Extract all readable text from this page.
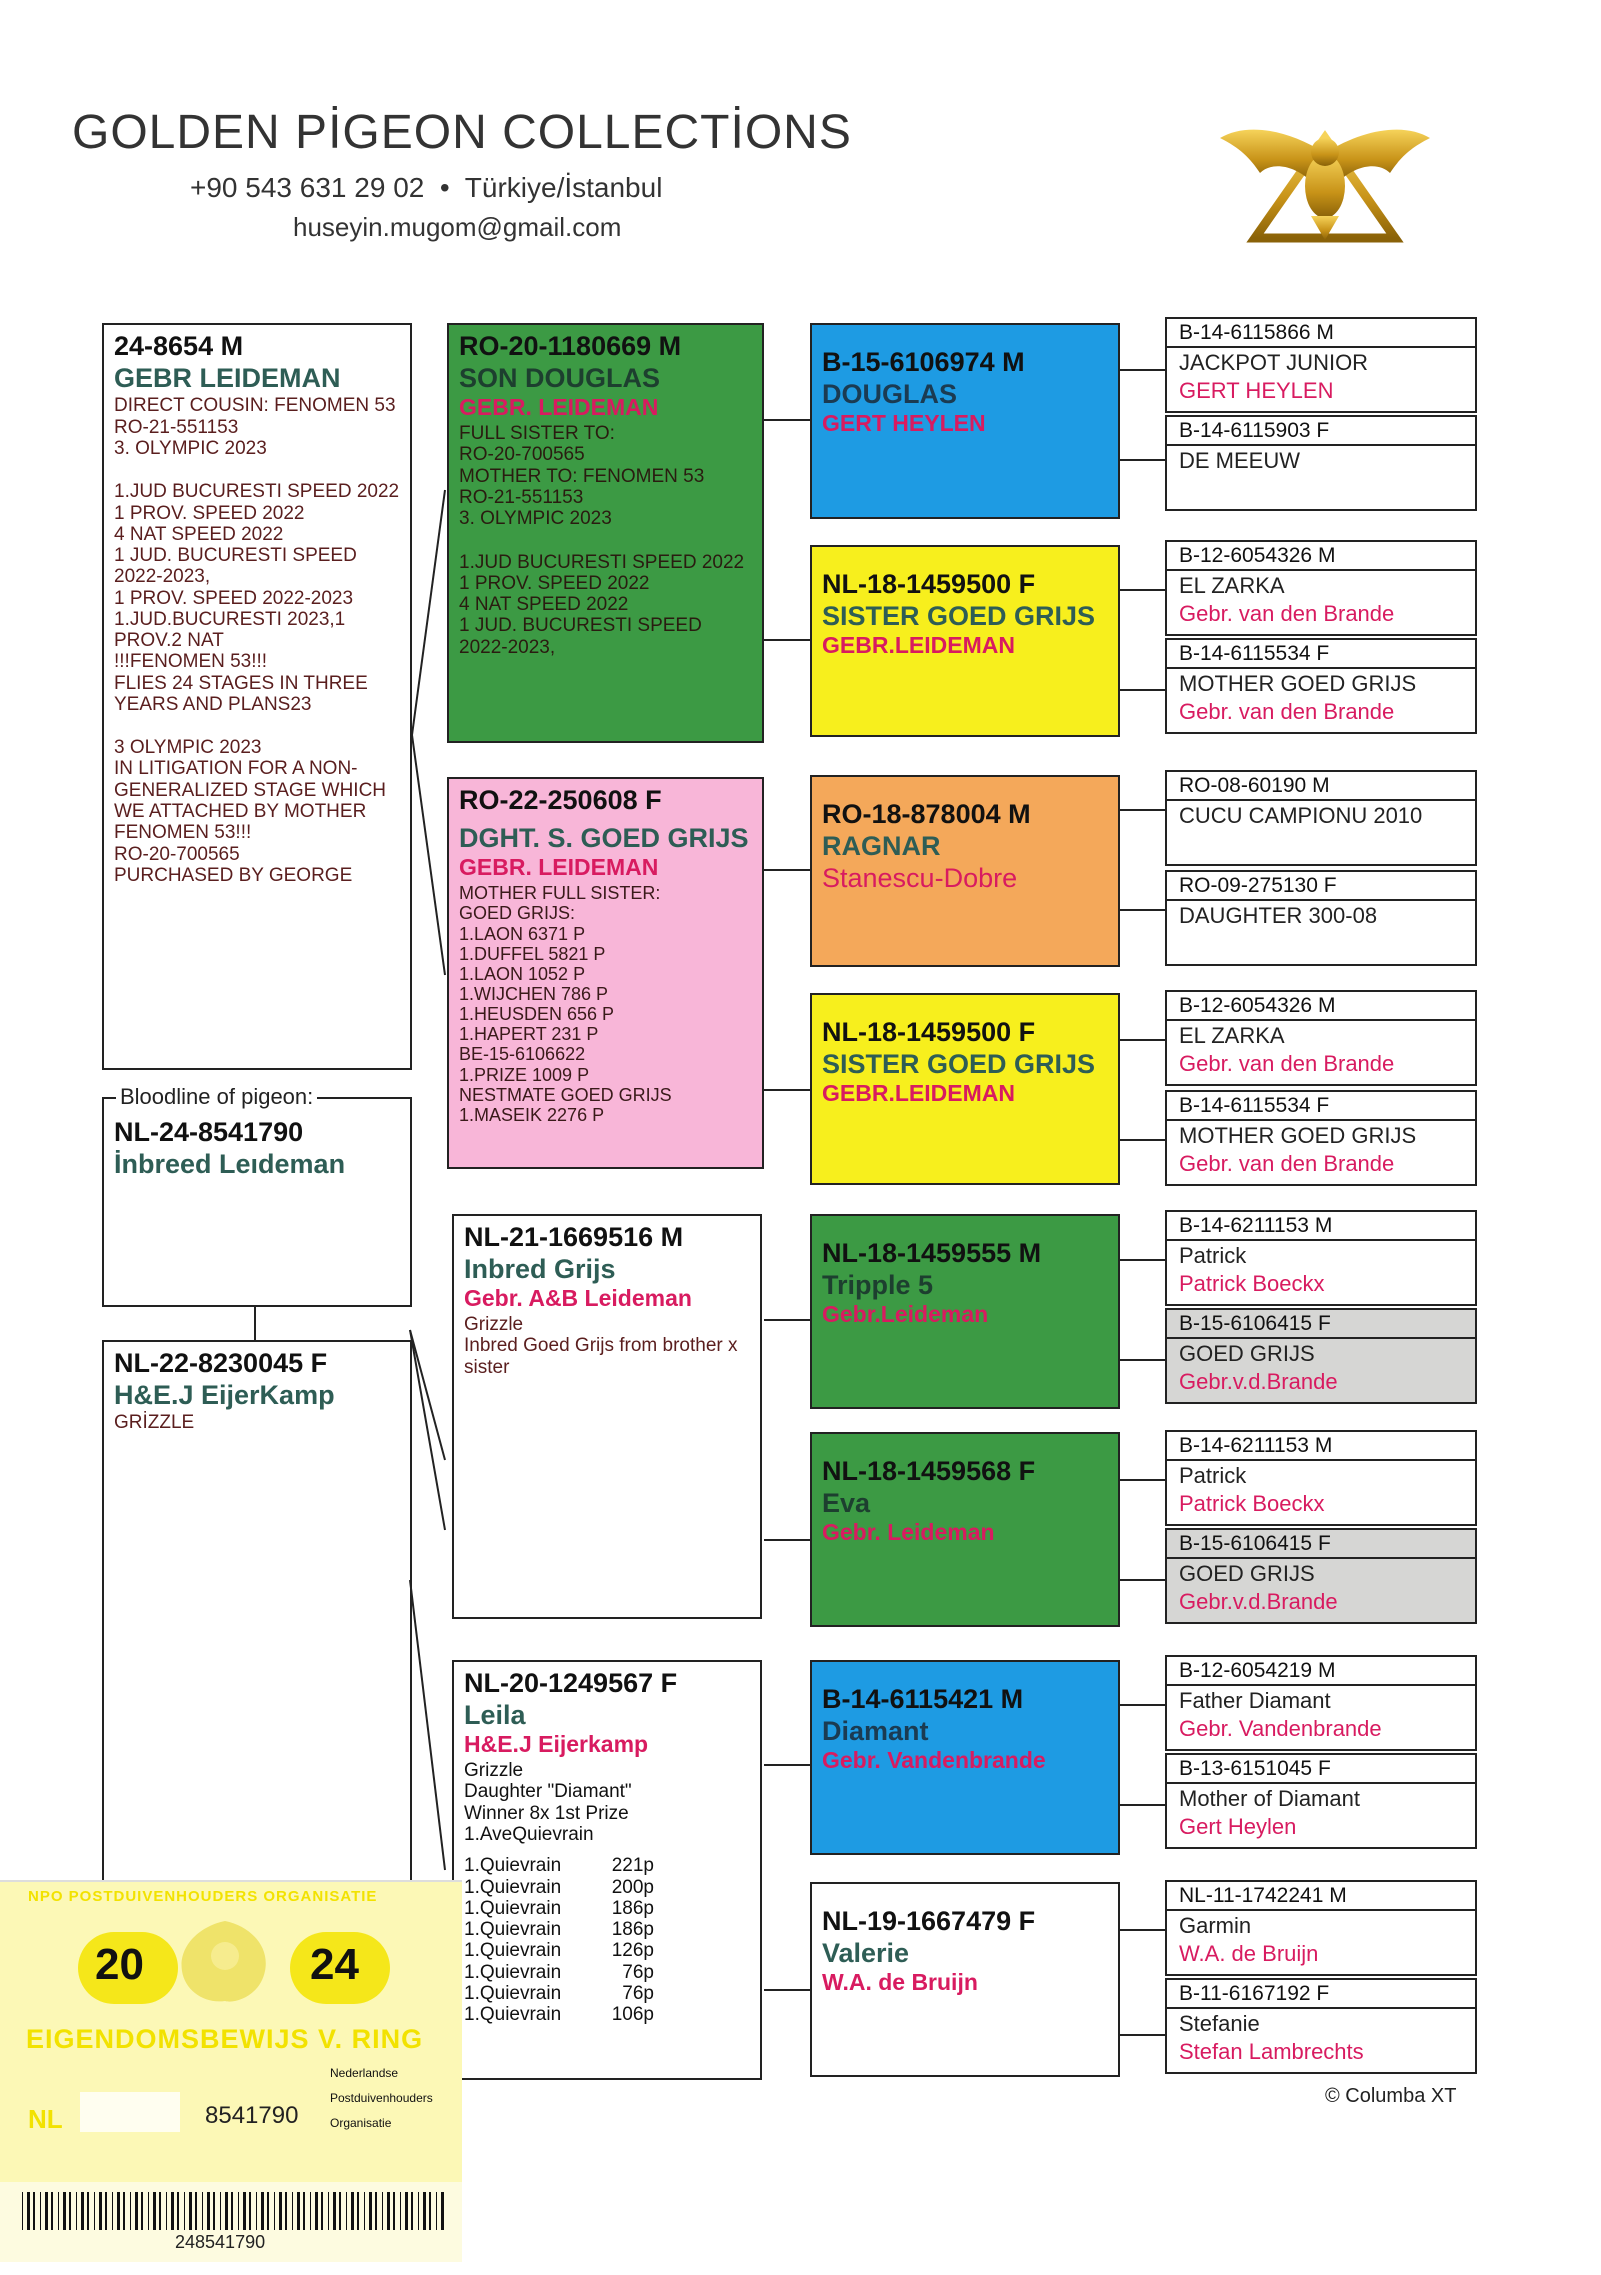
GOLDEN PİGEON COLLECTİONS
+90 543 631 29 02  •  Türkiye/İstanbul
huseyin.mugom@gmail.com
24-8654 M
GEBR LEIDEMAN
DIRECT COUSIN: FENOMEN 53
RO-21-551153
3. OLYMPIC 2023
1.JUD BUCURESTI SPEED 2022
1 PROV. SPEED 2022
4 NAT SPEED 2022
1 JUD. BUCURESTI SPEED 2022-2023,
1 PROV. SPEED 2022-2023
1.JUD.BUCURESTI 2023,1 PROV.2 NAT
!!!FENOMEN 53!!!
FLIES 24 STAGES IN THREE YEARS AND PLANS23
3 OLYMPIC 2023
IN LITIGATION FOR A NON-GENERALIZED STAGE WHICH WE ATTACHED BY MOTHER FENOMEN 53!!!
RO-20-700565
PURCHASED BY GEORGE
Bloodline of pigeon:
NL-24-8541790
İnbreed Leıdeman
NL-22-8230045 F
H&E.J EijerKamp
GRİZZLE
RO-20-1180669 M
SON DOUGLAS
GEBR. LEIDEMAN
FULL SISTER TO:
RO-20-700565
MOTHER TO: FENOMEN 53
RO-21-551153
3. OLYMPIC 2023
1.JUD BUCURESTI SPEED 2022
1 PROV. SPEED 2022
4 NAT SPEED 2022
1 JUD. BUCURESTI SPEED 2022-2023,
RO-22-250608 F
DGHT. S. GOED GRIJS
GEBR. LEIDEMAN
MOTHER FULL SISTER:
GOED GRIJS:
1.LAON 6371 P
1.DUFFEL 5821 P
1.LAON 1052 P
1.WIJCHEN 786 P
1.HEUSDEN 656 P
1.HAPERT 231 P
BE-15-6106622
1.PRIZE 1009 P
NESTMATE GOED GRIJS
1.MASEIK 2276 P
NL-21-1669516 M
Inbred Grijs
Gebr. A&B Leideman
Grizzle
Inbred Goed Grijs from brother x sister
NL-20-1249567 F
Leila
H&E.J Eijerkamp
Grizzle
Daughter "Diamant"
Winner 8x 1st Prize
1.AveQuievrain
1.Quievrain	221p
1.Quievrain	200p
1.Quievrain	186p
1.Quievrain	186p
1.Quievrain	126p
1.Quievrain	76p
1.Quievrain	76p
1.Quievrain	106p
B-15-6106974 M
DOUGLAS
GERT HEYLEN
NL-18-1459500 F
SISTER GOED GRIJS
GEBR.LEIDEMAN
RO-18-878004 M
RAGNAR
Stanescu-Dobre
NL-18-1459500 F
SISTER GOED GRIJS
GEBR.LEIDEMAN
NL-18-1459555 M
Tripple 5
Gebr.Leideman
NL-18-1459568 F
Eva
Gebr. Leideman
B-14-6115421 M
Diamant
Gebr. Vandenbrande
NL-19-1667479 F
Valerie
W.A. de Bruijn
B-14-6115866 M
JACKPOT JUNIOR
GERT HEYLEN
B-14-6115903 F
DE MEEUW
B-12-6054326 M
EL ZARKA
Gebr. van den Brande
B-14-6115534 F
MOTHER GOED GRIJS
Gebr. van den Brande
RO-08-60190 M
CUCU CAMPIONU 2010
RO-09-275130 F
DAUGHTER 300-08
B-12-6054326 M
EL ZARKA
Gebr. van den Brande
B-14-6115534 F
MOTHER GOED GRIJS
Gebr. van den Brande
B-14-6211153 M
Patrick
Patrick Boeckx
B-15-6106415 F
GOED GRIJS
Gebr.v.d.Brande
B-14-6211153 M
Patrick
Patrick Boeckx
B-15-6106415 F
GOED GRIJS
Gebr.v.d.Brande
B-12-6054219 M
Father Diamant
Gebr. Vandenbrande
B-13-6151045 F
Mother of Diamant
Gert Heylen
NL-11-1742241 M
Garmin
W.A. de Bruijn
B-11-6167192 F
Stefanie
Stefan Lambrechts
© Columba XT
NPO POSTDUIVENHOUDERS ORGANISATIE
20	24
EIGENDOMSBEWIJS V. RING
NL	8541790
Nederlandse
Postduivenhouders
Organisatie
248541790
